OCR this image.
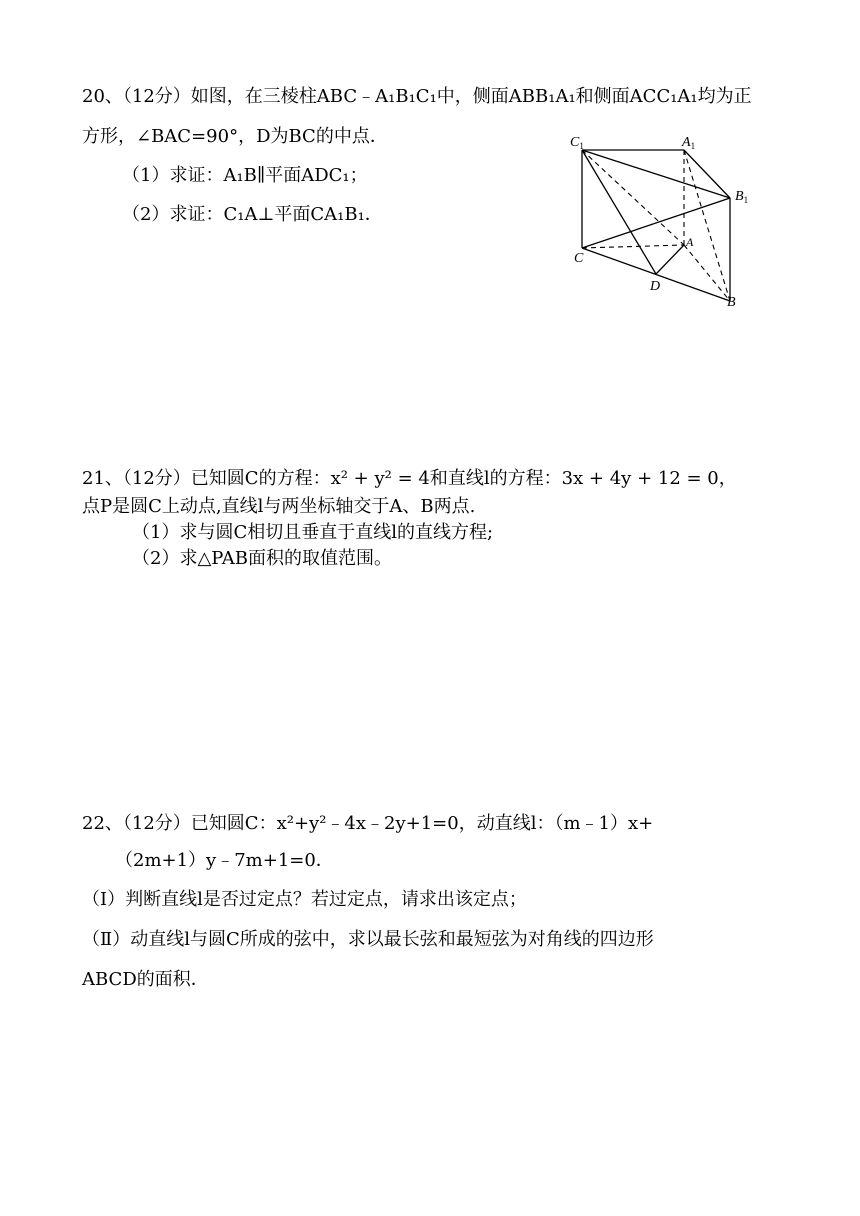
20、（12分）如图，在三棱柱ABC﹣A₁B₁C₁中，侧面ABB₁A₁和侧面ACC₁A₁均为正
方形，∠BAC=90°，D为BC的中点．
（1）求证：A₁B∥平面ADC₁；
（2）求证：C₁A⊥平面CA₁B₁．
$C_1$	$A_1$
$B_1$
A
C
D
B
21、（12分）已知圆C的方程：x² + y² = 4和直线l的方程：3x + 4y + 12 = 0，
点P是圆C上动点,直线l与两坐标轴交于A、B两点.
（1）求与圆C相切且垂直于直线l的直线方程;
（2）求△PAB面积的取值范围。
22、（12分）已知圆C：x²+y²﹣4x﹣2y+1=0，动直线l：（m﹣1）x+
（2m+1）y﹣7m+1=0．
（Ⅰ）判断直线l是否过定点？若过定点，请求出该定点；
（Ⅱ）动直线l与圆C所成的弦中，求以最长弦和最短弦为对角线的四边形
ABCD的面积．
